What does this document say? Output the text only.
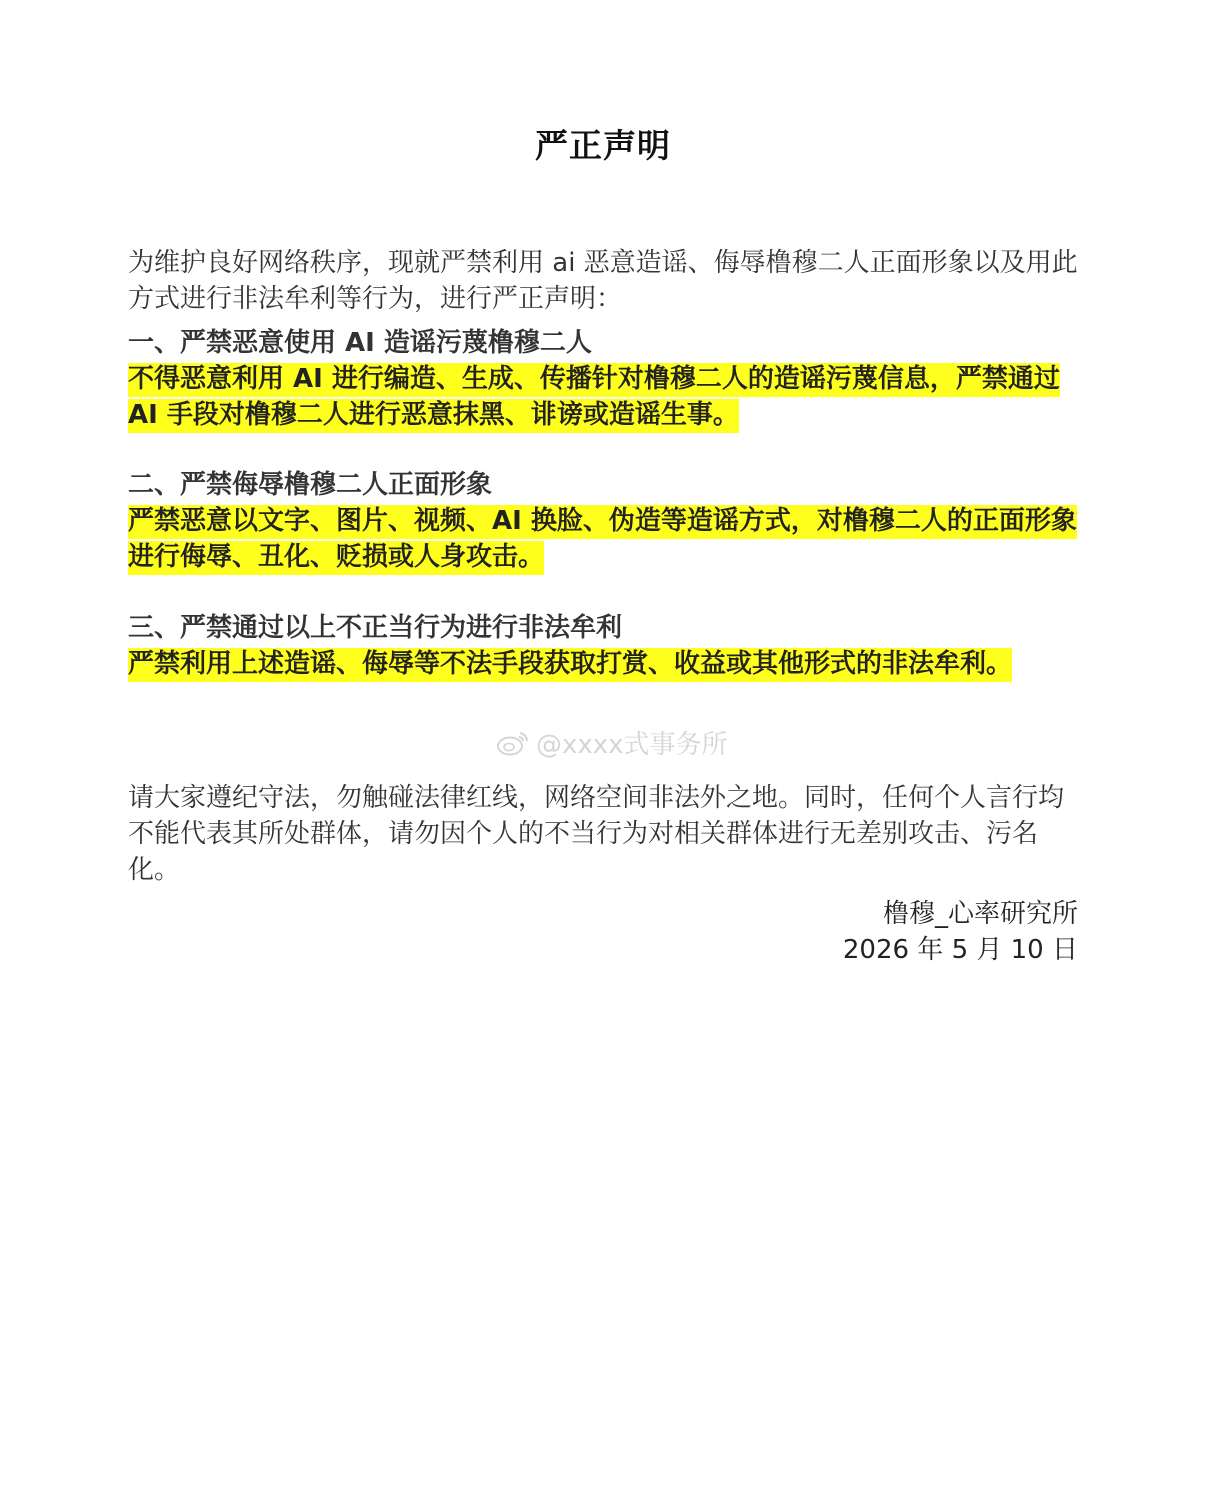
严正声明

为维护良好网络秩序，现就严禁利用 ai 恶意造谣、侮辱橹穆二人正面形象以及用此方式进行非法牟利等行为，进行严正声明：

一、严禁恶意使用 AI 造谣污蔑橹穆二人

不得恶意利用 AI 进行编造、生成、传播针对橹穆二人的造谣污蔑信息，严禁通过 AI 手段对橹穆二人进行恶意抹黑、诽谤或造谣生事。

二、严禁侮辱橹穆二人正面形象

严禁恶意以文字、图片、视频、AI 换脸、伪造等造谣方式，对橹穆二人的正面形象进行侮辱、丑化、贬损或人身攻击。

三、严禁通过以上不正当行为进行非法牟利

严禁利用上述造谣、侮辱等不法手段获取打赏、收益或其他形式的非法牟利。

@xxxx式事务所

请大家遵纪守法，勿触碰法律红线，网络空间非法外之地。同时，任何个人言行均不能代表其所处群体，请勿因个人的不当行为对相关群体进行无差别攻击、污名化。

橹穆_心率研究所
2026 年 5 月 10 日
